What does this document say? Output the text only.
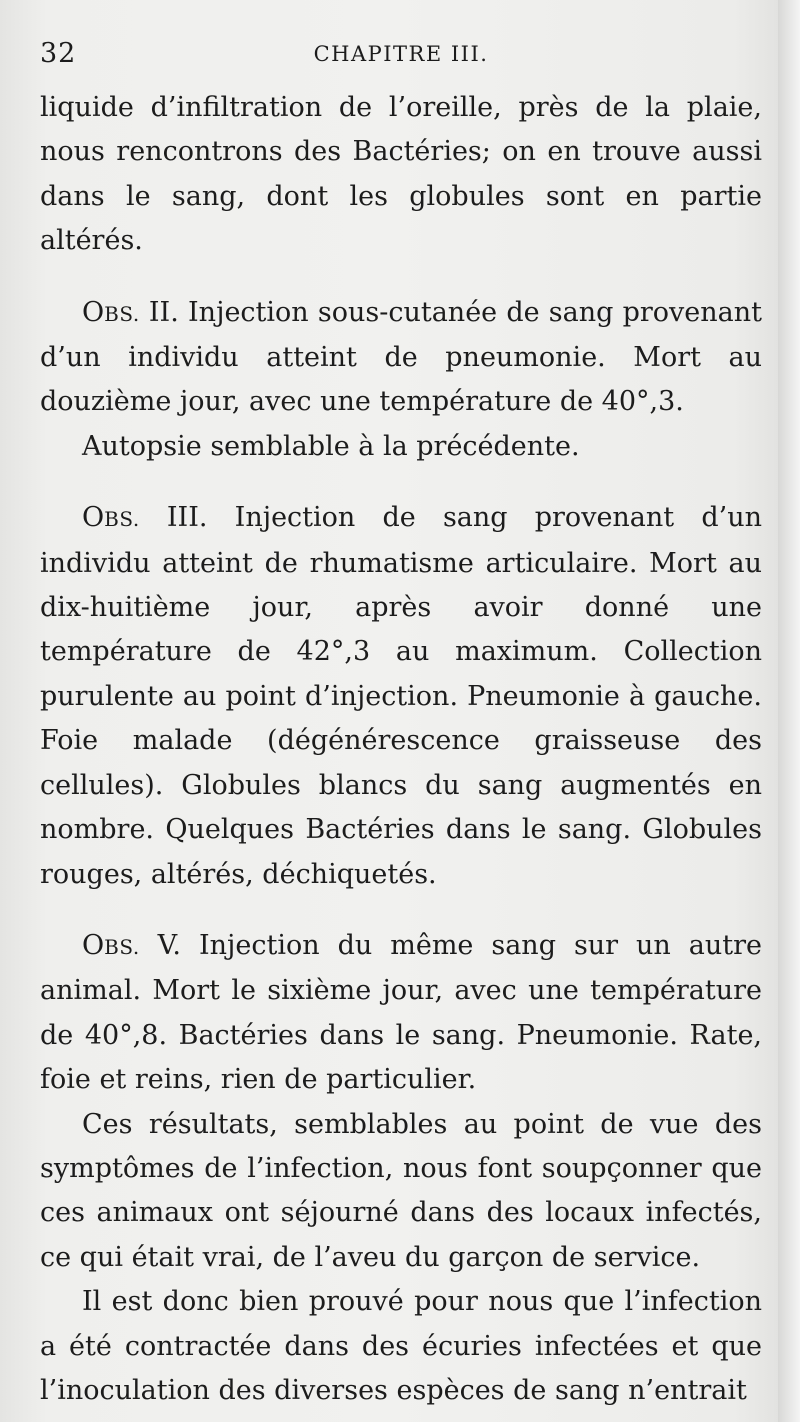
32	CHAPITRE III.

liquide d’infiltration de l’oreille, près de la plaie, nous rencontrons des Bactéries; on en trouve aussi dans le sang, dont les globules sont en partie altérés.

OBS. II. Injection sous-cutanée de sang provenant d’un individu atteint de pneumonie. Mort au douzième jour, avec une température de 40°,3.

Autopsie semblable à la précédente.

OBS. III. Injection de sang provenant d’un individu atteint de rhumatisme articulaire. Mort au dix-huitième jour, après avoir donné une température de 42°,3 au maximum. Collection purulente au point d’injection. Pneumonie à gauche. Foie malade (dégénérescence graisseuse des cellules). Globules blancs du sang augmentés en nombre. Quelques Bactéries dans le sang. Globules rouges, altérés, déchiquetés.

OBS. V. Injection du même sang sur un autre animal. Mort le sixième jour, avec une température de 40°,8. Bactéries dans le sang. Pneumonie. Rate, foie et reins, rien de particulier.

Ces résultats, semblables au point de vue des symptômes de l’infection, nous font soupçonner que ces animaux ont séjourné dans des locaux infectés, ce qui était vrai, de l’aveu du garçon de service.

Il est donc bien prouvé pour nous que l’infection a été contractée dans des écuries infectées et que l’inoculation des diverses espèces de sang n’entrait
